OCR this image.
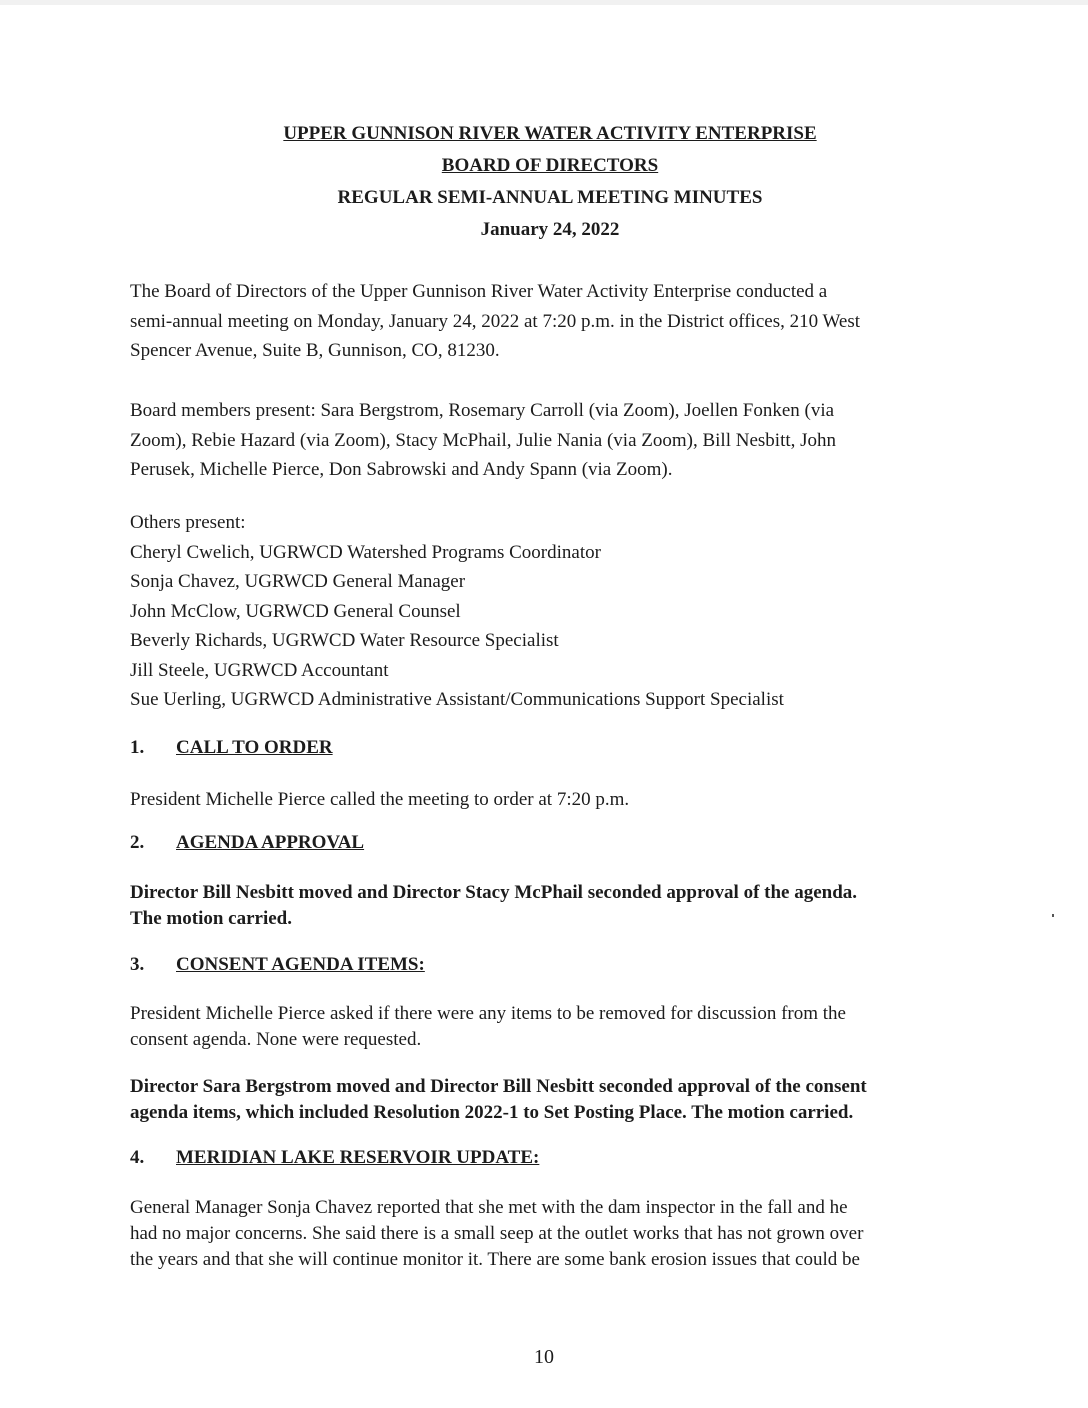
UPPER GUNNISON RIVER WATER ACTIVITY ENTERPRISE
BOARD OF DIRECTORS
REGULAR SEMI-ANNUAL MEETING MINUTES
January 24, 2022
The Board of Directors of the Upper Gunnison River Water Activity Enterprise conducted a
semi-annual meeting on Monday, January 24, 2022 at 7:20 p.m. in the District offices, 210 West
Spencer Avenue, Suite B, Gunnison, CO, 81230.
Board members present: Sara Bergstrom, Rosemary Carroll (via Zoom), Joellen Fonken (via
Zoom), Rebie Hazard (via Zoom), Stacy McPhail, Julie Nania (via Zoom), Bill Nesbitt, John
Perusek, Michelle Pierce, Don Sabrowski and Andy Spann (via Zoom).
Others present:
Cheryl Cwelich, UGRWCD Watershed Programs Coordinator
Sonja Chavez, UGRWCD General Manager
John McClow, UGRWCD General Counsel
Beverly Richards, UGRWCD Water Resource Specialist
Jill Steele, UGRWCD Accountant
Sue Uerling, UGRWCD Administrative Assistant/Communications Support Specialist
1. CALL TO ORDER
President Michelle Pierce called the meeting to order at 7:20 p.m.
2. AGENDA APPROVAL
Director Bill Nesbitt moved and Director Stacy McPhail seconded approval of the agenda.
The motion carried.
3. CONSENT AGENDA ITEMS:
President Michelle Pierce asked if there were any items to be removed for discussion from the
consent agenda. None were requested.
Director Sara Bergstrom moved and Director Bill Nesbitt seconded approval of the consent
agenda items, which included Resolution 2022-1 to Set Posting Place. The motion carried.
4. MERIDIAN LAKE RESERVOIR UPDATE:
General Manager Sonja Chavez reported that she met with the dam inspector in the fall and he
had no major concerns. She said there is a small seep at the outlet works that has not grown over
the years and that she will continue monitor it. There are some bank erosion issues that could be
10
